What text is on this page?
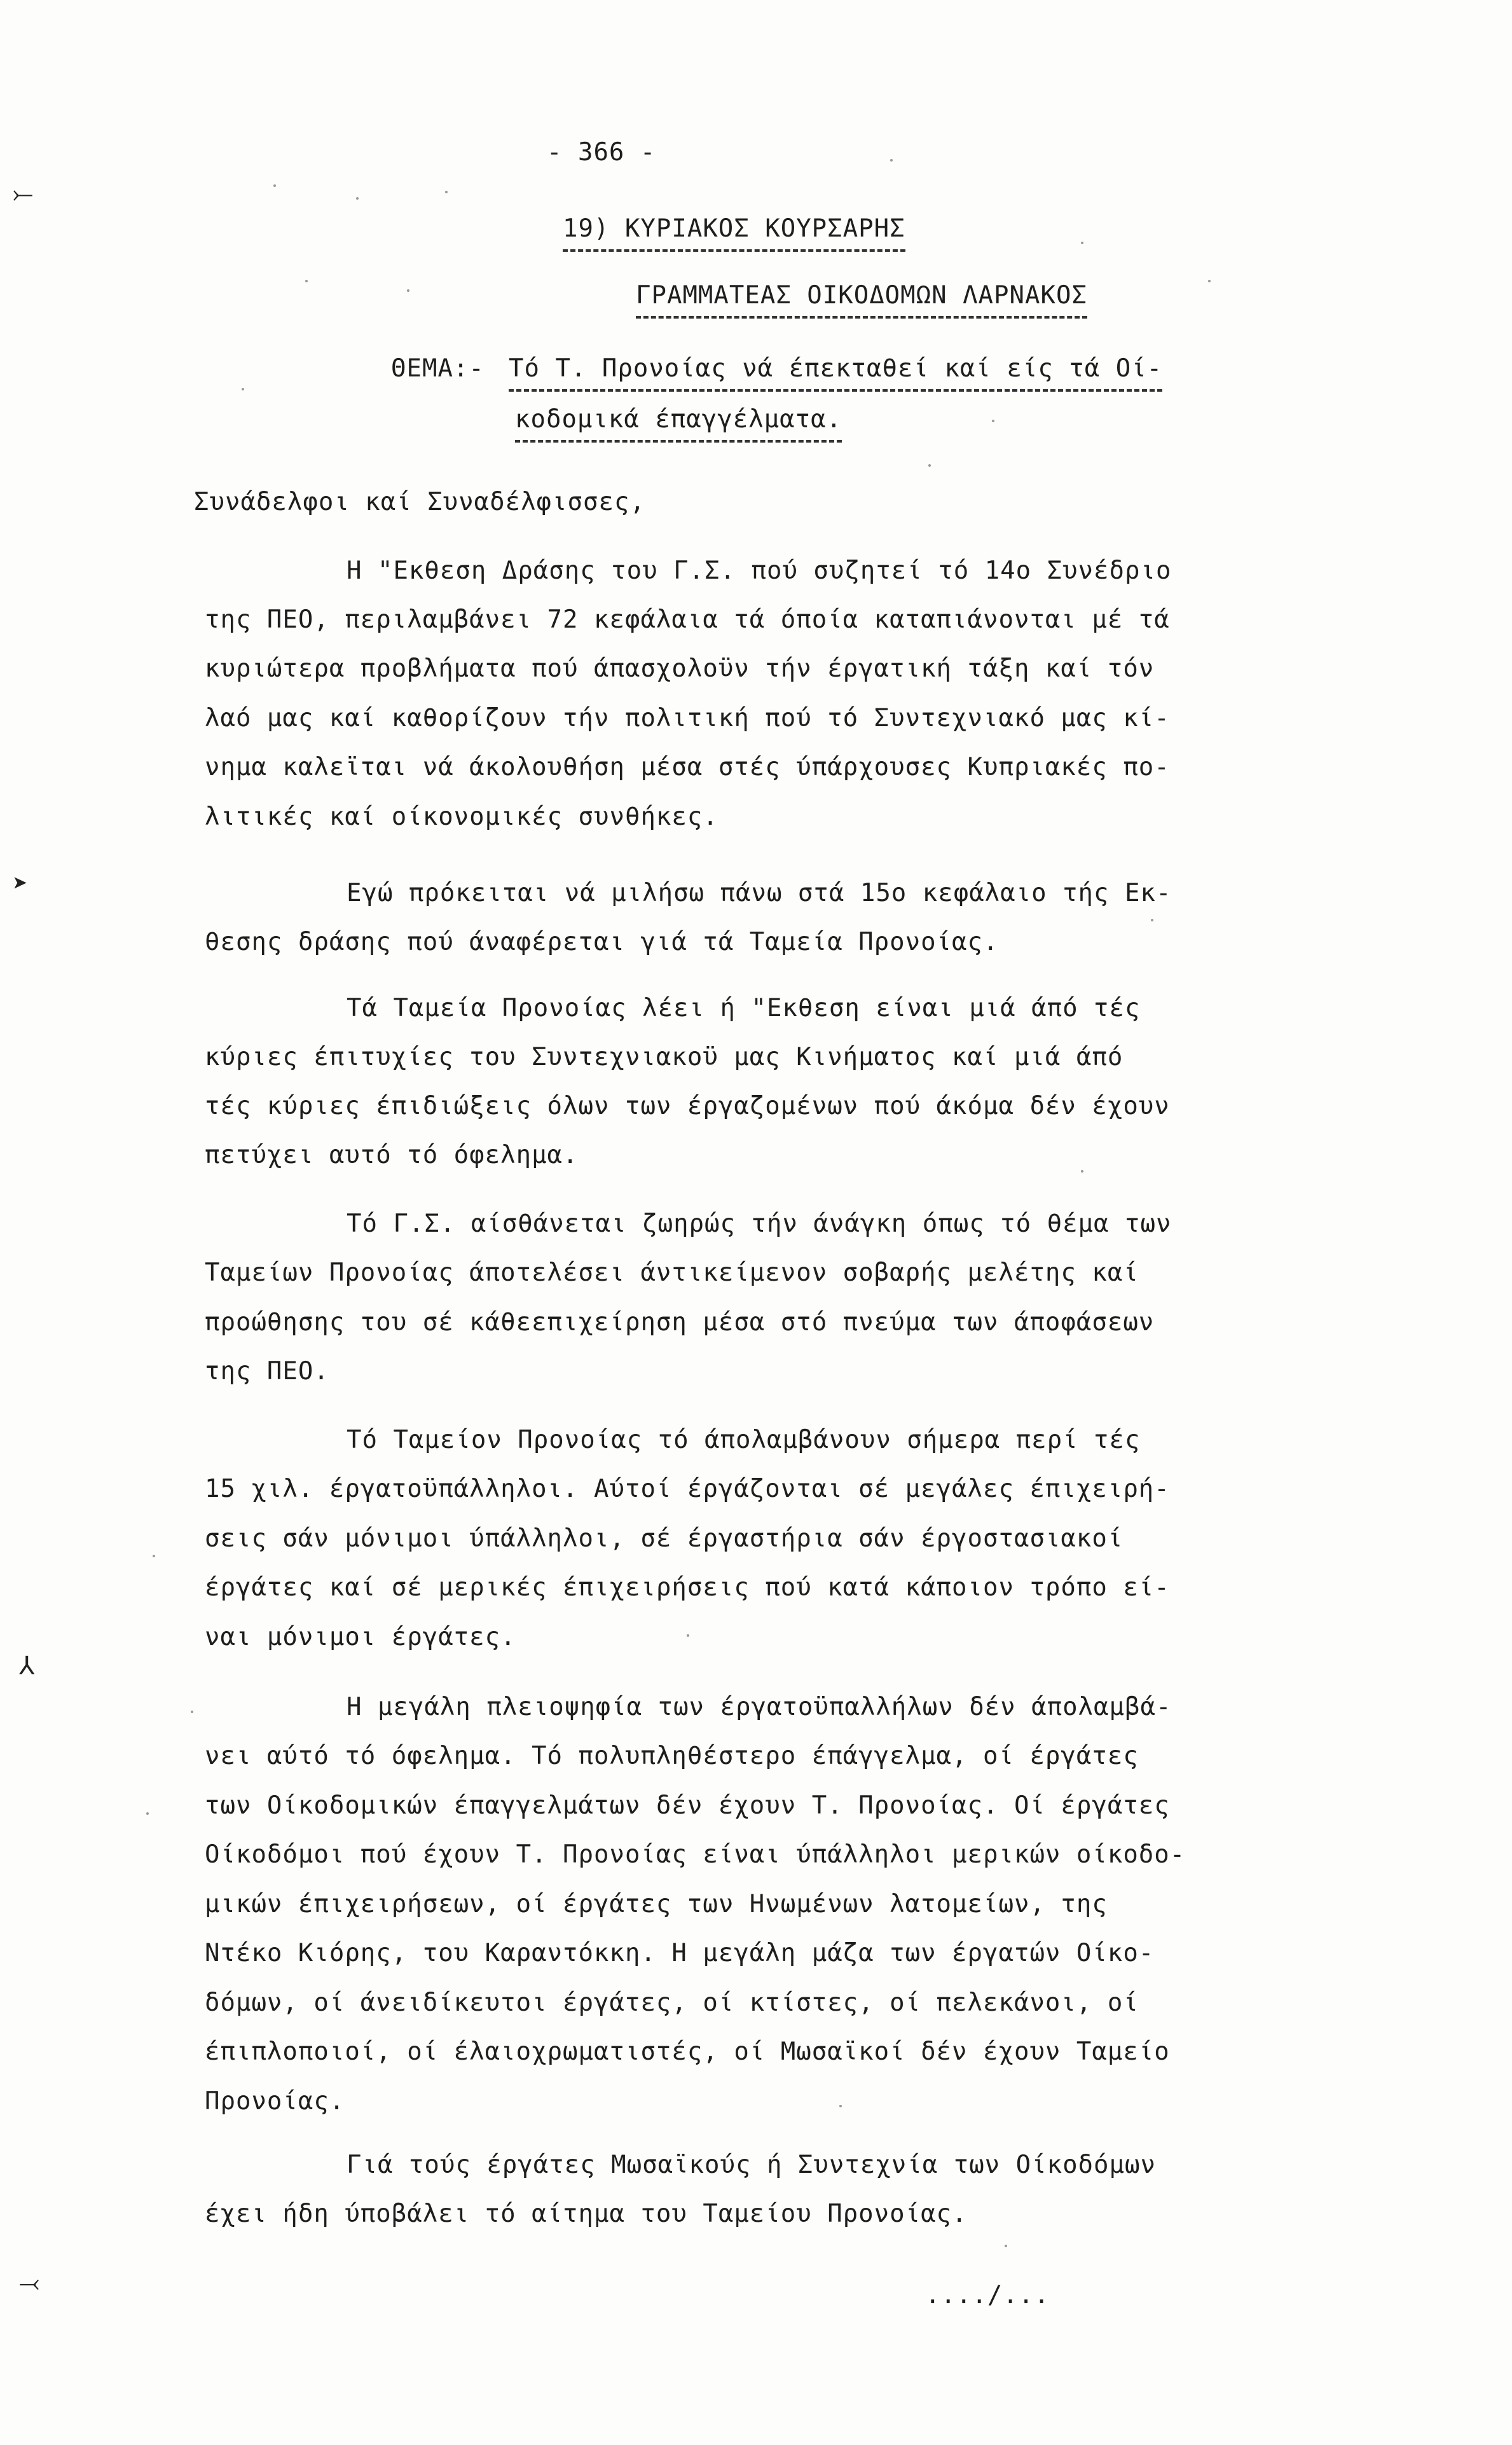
⤚
➤
⅄
⤙
- 366 -
19) ΚΥΡΙΑΚΟΣ ΚΟΥΡΣΑΡΗΣ
ΓΡΑΜΜΑΤΕΑΣ ΟΙΚΟΔΟΜΩΝ ΛΑΡΝΑΚΟΣ
ΘΕΜΑ:- Τό Τ. Προνοίας νά έπεκταθεί καί είς τά Οί-
κοδομικά έπαγγέλματα.
Συνάδελφοι καί Συναδέλφισσες,
Η "Εκθεση Δράσης του Γ.Σ. πού συζητεί τό 14ο Συνέδριο
της ΠΕΟ, περιλαμβάνει 72 κεφάλαια τά όποία καταπιάνονται μέ τά
κυριώτερα προβλήματα πού άπασχολοϋν τήν έργατική τάξη καί τόν
λαό μας καί καθορίζουν τήν πολιτική πού τό Συντεχνιακό μας κί-
νημα καλεϊται νά άκολουθήση μέσα στές ύπάρχουσες Κυπριακές πο-
λιτικές καί οίκονομικές συνθήκες.
Εγώ πρόκειται νά μιλήσω πάνω στά 15ο κεφάλαιο τής Εκ-
θεσης δράσης πού άναφέρεται γιά τά Ταμεία Προνοίας.
Τά Ταμεία Προνοίας λέει ή "Εκθεση είναι μιά άπό τές
κύριες έπιτυχίες του Συντεχνιακοϋ μας Κινήματος καί μιά άπό
τές κύριες έπιδιώξεις όλων των έργαζομένων πού άκόμα δέν έχουν
πετύχει αυτό τό όφελημα.
Τό Γ.Σ. αίσθάνεται ζωηρώς τήν άνάγκη όπως τό θέμα των
Ταμείων Προνοίας άποτελέσει άντικείμενον σοβαρής μελέτης καί
προώθησης του σέ κάθεεπιχείρηση μέσα στό πνεύμα των άποφάσεων
της ΠΕΟ.
Τό Ταμείον Προνοίας τό άπολαμβάνουν σήμερα περί τές
15 χιλ. έργατοϋπάλληλοι. Αύτοί έργάζονται σέ μεγάλες έπιχειρή-
σεις σάν μόνιμοι ύπάλληλοι, σέ έργαστήρια σάν έργοστασιακοί
έργάτες καί σέ μερικές έπιχειρήσεις πού κατά κάποιον τρόπο εί-
ναι μόνιμοι έργάτες.
Η μεγάλη πλειοψηφία των έργατοϋπαλλήλων δέν άπολαμβά-
νει αύτό τό όφελημα. Τό πολυπληθέστερο έπάγγελμα, οί έργάτες
των Οίκοδομικών έπαγγελμάτων δέν έχουν Τ. Προνοίας. Οί έργάτες
Οίκοδόμοι πού έχουν Τ. Προνοίας είναι ύπάλληλοι μερικών οίκοδο-
μικών έπιχειρήσεων, οί έργάτες των Ηνωμένων λατομείων, της
Ντέκο Κιόρης, του Καραντόκκη. Η μεγάλη μάζα των έργατών Οίκο-
δόμων, οί άνειδίκευτοι έργάτες, οί κτίστες, οί πελεκάνοι, οί
έπιπλοποιοί, οί έλαιοχρωματιστές, οί Μωσαϊκοί δέν έχουν Ταμείο
Προνοίας.
Γιά τούς έργάτες Μωσαϊκούς ή Συντεχνία των Οίκοδόμων
έχει ήδη ύποβάλει τό αίτημα του Ταμείου Προνοίας.
..../...
